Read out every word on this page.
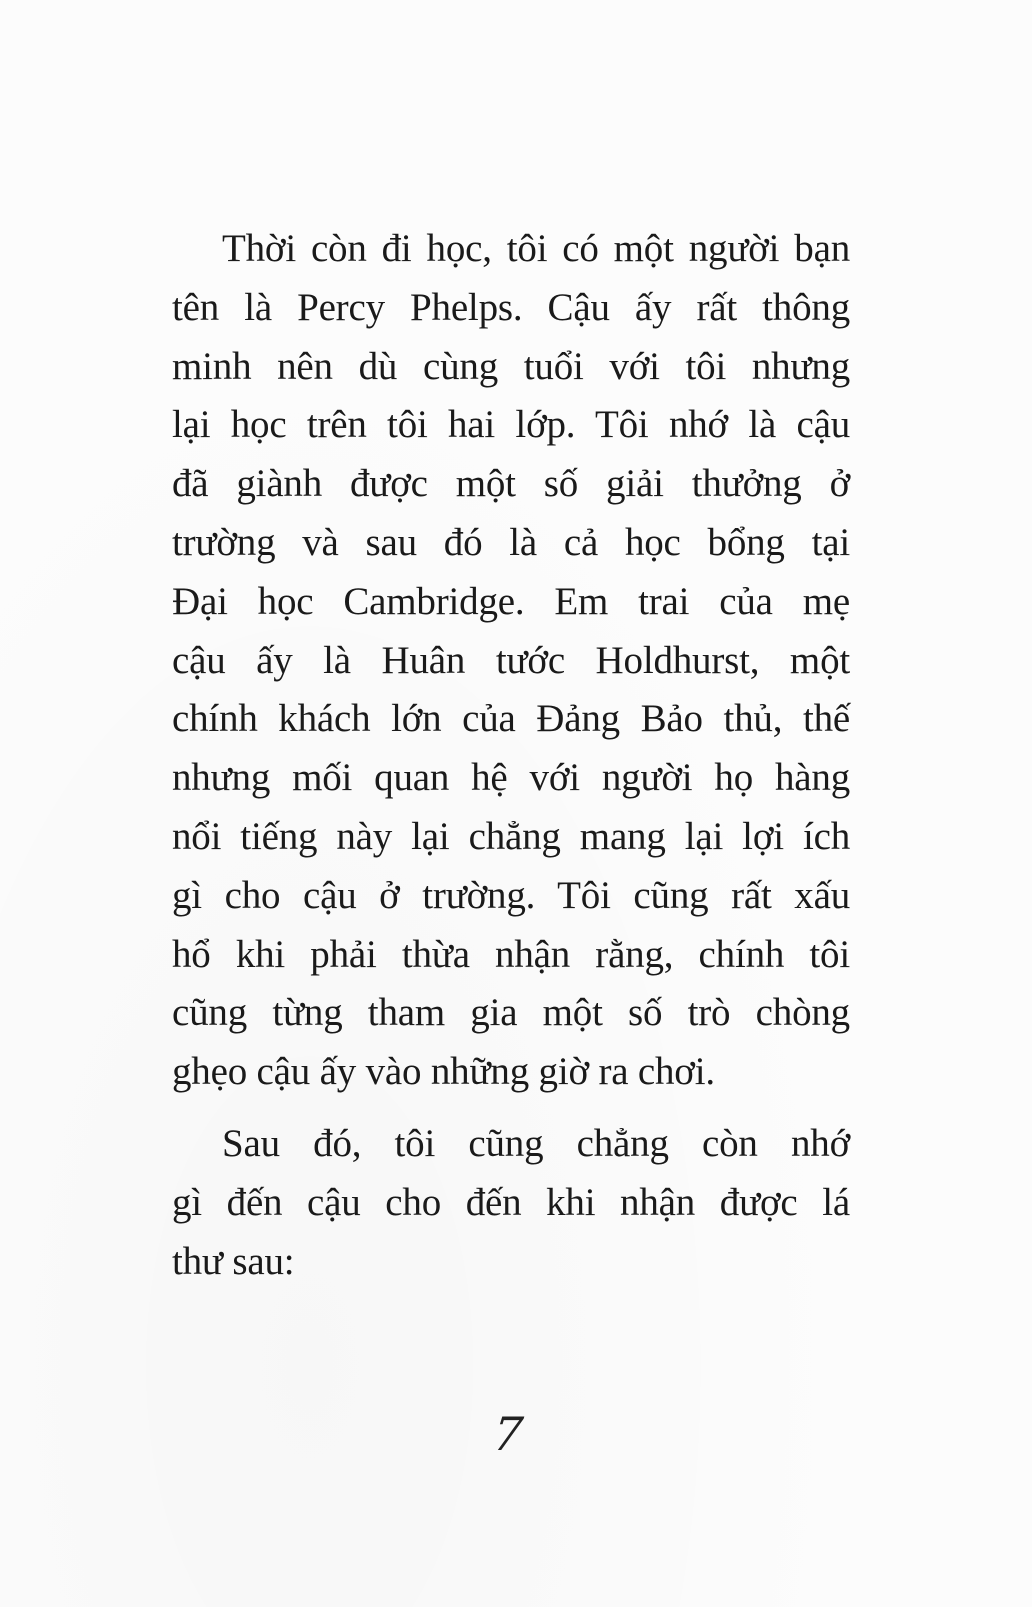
Thời còn đi học, tôi có một người bạn
tên là Percy Phelps. Cậu ấy rất thông
minh nên dù cùng tuổi với tôi nhưng
lại học trên tôi hai lớp. Tôi nhớ là cậu
đã giành được một số giải thưởng ở
trường và sau đó là cả học bổng tại
Đại học Cambridge. Em trai của mẹ
cậu ấy là Huân tước Holdhurst, một
chính khách lớn của Đảng Bảo thủ, thế
nhưng mối quan hệ với người họ hàng
nổi tiếng này lại chẳng mang lại lợi ích
gì cho cậu ở trường. Tôi cũng rất xấu
hổ khi phải thừa nhận rằng, chính tôi
cũng từng tham gia một số trò chòng
ghẹo cậu ấy vào những giờ ra chơi.
Sau đó, tôi cũng chẳng còn nhớ
gì đến cậu cho đến khi nhận được lá
thư sau:
7
